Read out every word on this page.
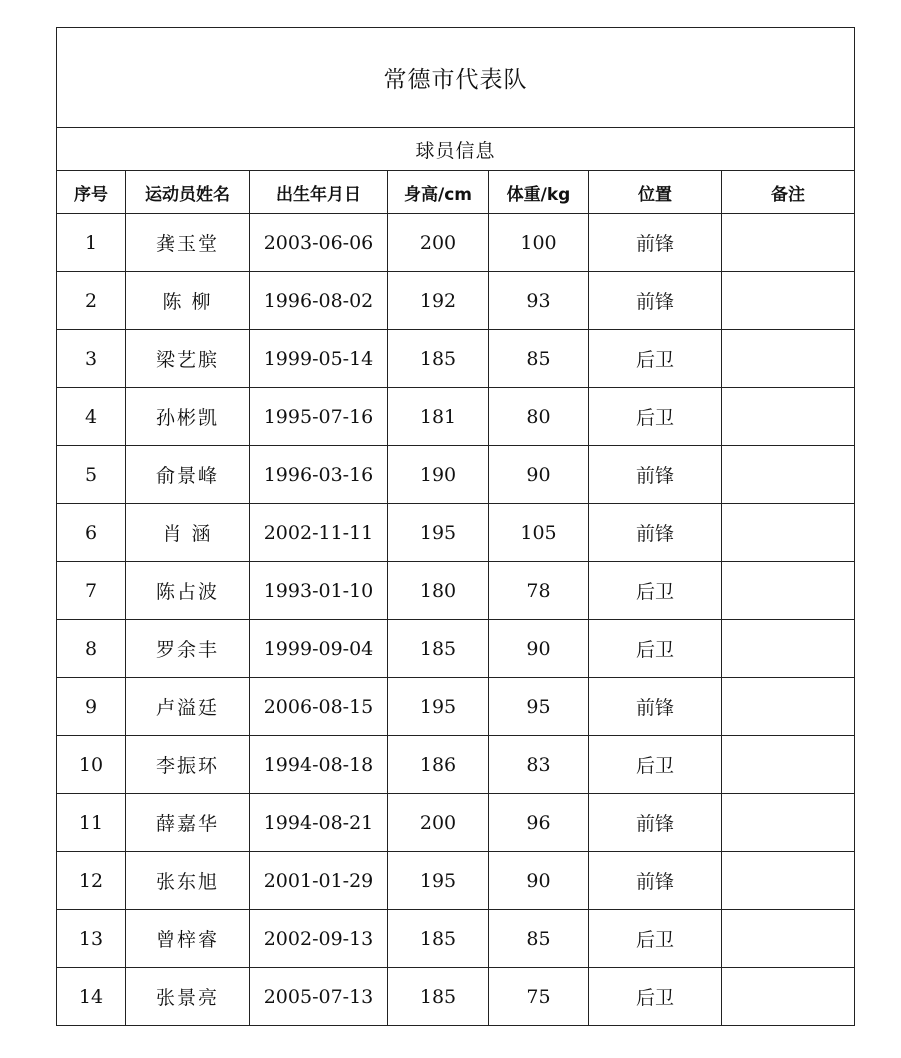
常德市代表队						
球员信息						
序号	运动员姓名	出生年月日	身高/cm	体重/kg	位置	备注
1	龚玉堂	2003-06-06	200	100	前锋	
2	陈 柳	1996-08-02	192	93	前锋	
3	梁艺膑	1999-05-14	185	85	后卫	
4	孙彬凯	1995-07-16	181	80	后卫	
5	俞景峰	1996-03-16	190	90	前锋	
6	肖 涵	2002-11-11	195	105	前锋	
7	陈占波	1993-01-10	180	78	后卫	
8	罗余丰	1999-09-04	185	90	后卫	
9	卢溢廷	2006-08-15	195	95	前锋	
10	李振环	1994-08-18	186	83	后卫	
11	薛嘉华	1994-08-21	200	96	前锋	
12	张东旭	2001-01-29	195	90	前锋	
13	曾梓睿	2002-09-13	185	85	后卫	
14	张景亮	2005-07-13	185	75	后卫	
